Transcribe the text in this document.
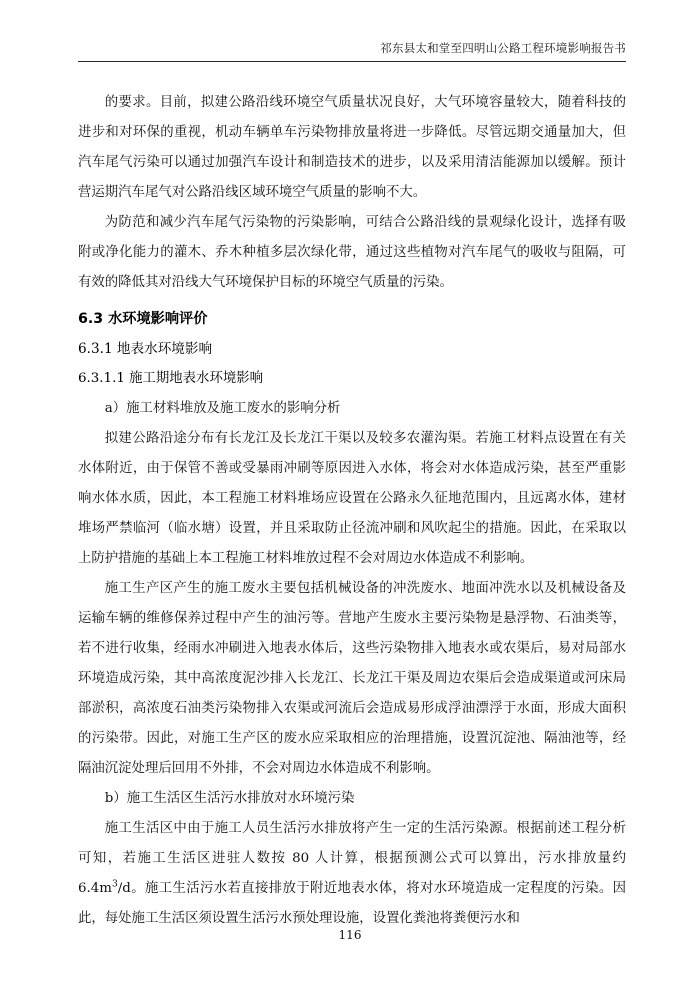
祁东县太和堂至四明山公路工程环境影响报告书

的要求。目前，拟建公路沿线环境空气质量状况良好，大气环境容量较大，随着科技的进步和对环保的重视，机动车辆单车污染物排放量将进一步降低。尽管远期交通量加大，但汽车尾气污染可以通过加强汽车设计和制造技术的进步，以及采用清洁能源加以缓解。预计营运期汽车尾气对公路沿线区域环境空气质量的影响不大。

为防范和减少汽车尾气污染物的污染影响，可结合公路沿线的景观绿化设计，选择有吸附或净化能力的灌木、乔木种植多层次绿化带，通过这些植物对汽车尾气的吸收与阻隔，可有效的降低其对沿线大气环境保护目标的环境空气质量的污染。

6.3 水环境影响评价
6.3.1 地表水环境影响
6.3.1.1 施工期地表水环境影响

a）施工材料堆放及施工废水的影响分析

拟建公路沿途分布有长龙江及长龙江干渠以及较多农灌沟渠。若施工材料点设置在有关水体附近，由于保管不善或受暴雨冲刷等原因进入水体，将会对水体造成污染，甚至严重影响水体水质，因此，本工程施工材料堆场应设置在公路永久征地范围内，且远离水体，建材堆场严禁临河（临水塘）设置，并且采取防止径流冲刷和风吹起尘的措施。因此，在采取以上防护措施的基础上本工程施工材料堆放过程不会对周边水体造成不利影响。

施工生产区产生的施工废水主要包括机械设备的冲洗废水、地面冲洗水以及机械设备及运输车辆的维修保养过程中产生的油污等。营地产生废水主要污染物是悬浮物、石油类等，若不进行收集，经雨水冲刷进入地表水体后，这些污染物排入地表水或农渠后，易对局部水环境造成污染，其中高浓度泥沙排入长龙江、长龙江干渠及周边农渠后会造成渠道或河床局部淤积，高浓度石油类污染物排入农渠或河流后会造成易形成浮油漂浮于水面，形成大面积的污染带。因此，对施工生产区的废水应采取相应的治理措施，设置沉淀池、隔油池等，经隔油沉淀处理后回用不外排，不会对周边水体造成不利影响。

b）施工生活区生活污水排放对水环境污染

施工生活区中由于施工人员生活污水排放将产生一定的生活污染源。根据前述工程分析可知，若施工生活区进驻人数按 80 人计算，根据预测公式可以算出，污水排放量约 $6.4m^3/d$。施工生活污水若直接排放于附近地表水体，将对水环境造成一定程度的污染。因此，每处施工生活区须设置生活污水预处理设施，设置化粪池将粪便污水和

116
